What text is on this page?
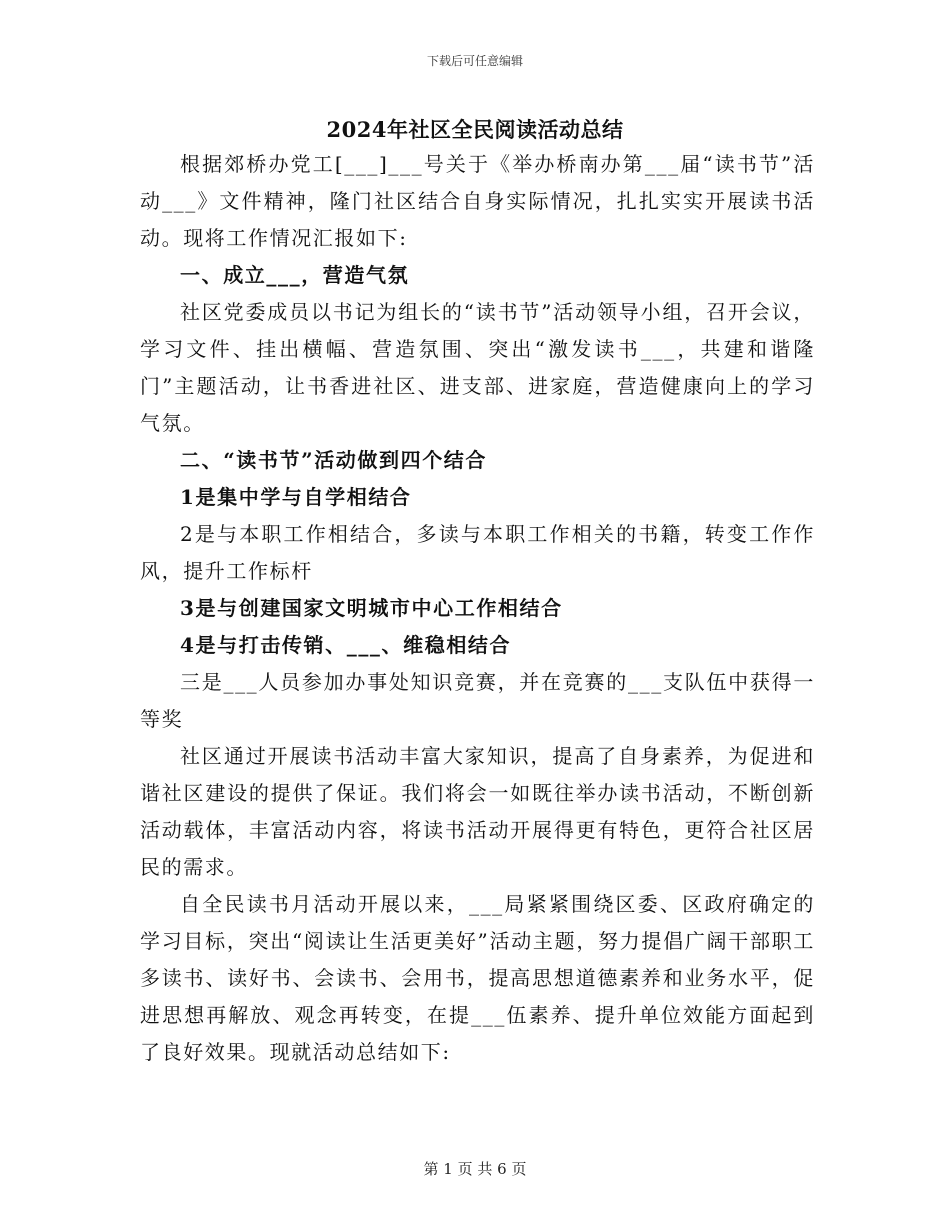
下载后可任意编辑
2024年社区全民阅读活动总结

根据郊桥办党工[___]___号关于《举办桥南办第___届“读书节”活动___》文件精神，隆门社区结合自身实际情况，扎扎实实开展读书活动。现将工作情况汇报如下:

一、成立___，营造气氛

社区党委成员以书记为组长的“读书节”活动领导小组，召开会议，学习文件、挂出横幅、营造氛围、突出“激发读书___，共建和谐隆门”主题活动，让书香进社区、进支部、进家庭，营造健康向上的学习气氛。

二、“读书节”活动做到四个结合

1是集中学与自学相结合

2是与本职工作相结合，多读与本职工作相关的书籍，转变工作作风，提升工作标杆

3是与创建国家文明城市中心工作相结合

4是与打击传销、___、维稳相结合

三是___人员参加办事处知识竞赛，并在竞赛的___支队伍中获得一等奖

社区通过开展读书活动丰富大家知识，提高了自身素养，为促进和谐社区建设的提供了保证。我们将会一如既往举办读书活动，不断创新活动载体，丰富活动内容，将读书活动开展得更有特色，更符合社区居民的需求。

自全民读书月活动开展以来，___局紧紧围绕区委、区政府确定的学习目标，突出“阅读让生活更美好”活动主题，努力提倡广阔干部职工多读书、读好书、会读书、会用书，提高思想道德素养和业务水平，促进思想再解放、观念再转变，在提___伍素养、提升单位效能方面起到了良好效果。现就活动总结如下:

第 1 页 共 6 页
